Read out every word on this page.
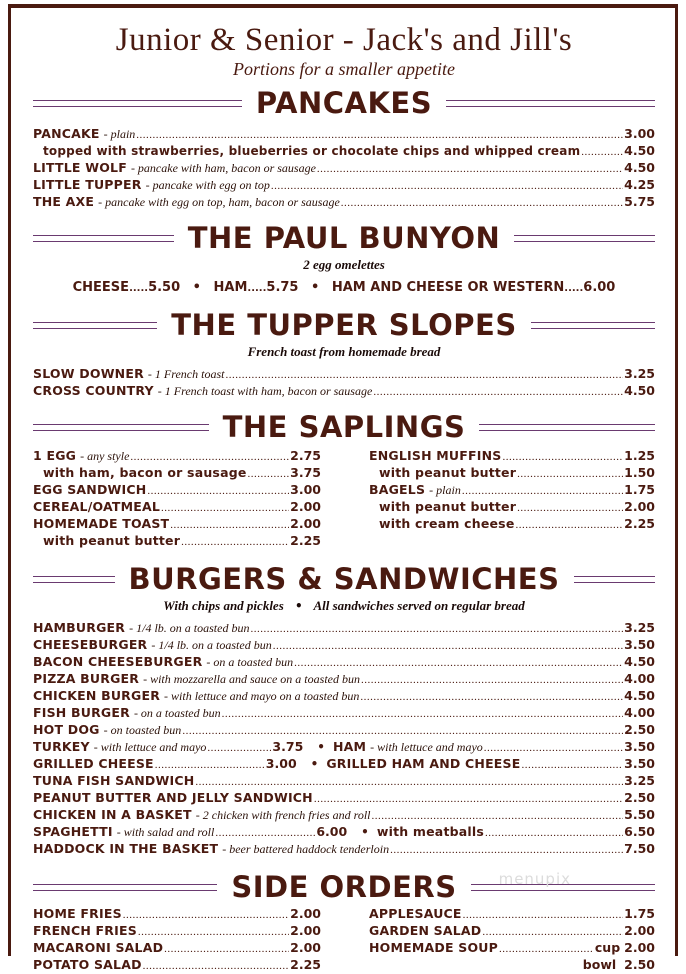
Junior & Senior - Jack's and Jill's
Portions for a smaller appetite
PANCAKES
PANCAKE - plain .....	3.00
topped with strawberries, blueberries or chocolate chips and whipped cream .....	4.50
LITTLE WOLF - pancake with ham, bacon or sausage .....	4.50
LITTLE TUPPER - pancake with egg on top .....	4.25
THE AXE - pancake with egg on top, ham, bacon or sausage .....	5.75
THE PAUL BUNYON
2 egg omelettes
CHEESE.....5.50 • HAM.....5.75 • HAM AND CHEESE OR WESTERN.....6.00
THE TUPPER SLOPES
French toast from homemade bread
SLOW DOWNER - 1 French toast .....	3.25
CROSS COUNTRY - 1 French toast with ham, bacon or sausage .....	4.50
THE SAPLINGS
1 EGG - any style .....	2.75
with ham, bacon or sausage .....	3.75
EGG SANDWICH .....	3.00
CEREAL/OATMEAL .....	2.00
HOMEMADE TOAST .....	2.00
with peanut butter .....	2.25
ENGLISH MUFFINS .....	1.25
with peanut butter .....	1.50
BAGELS - plain .....	1.75
with peanut butter .....	2.00
with cream cheese .....	2.25
BURGERS & SANDWICHES
With chips and pickles • All sandwiches served on regular bread
HAMBURGER - 1/4 lb. on a toasted bun .....	3.25
CHEESEBURGER - 1/4 lb. on a toasted bun .....	3.50
BACON CHEESEBURGER - on a toasted bun .....	4.50
PIZZA BURGER - with mozzarella and sauce on a toasted bun .....	4.00
CHICKEN BURGER - with lettuce and mayo on a toasted bun .....	4.50
FISH BURGER - on a toasted bun .....	4.00
HOT DOG - on toasted bun .....	2.50
TURKEY - with lettuce and mayo .....	3.75 • HAM - with lettuce and mayo .....	3.50
GRILLED CHEESE .....	3.00 • GRILLED HAM AND CHEESE .....	3.50
TUNA FISH SANDWICH .....	3.25
PEANUT BUTTER AND JELLY SANDWICH .....	2.50
CHICKEN IN A BASKET - 2 chicken with french fries and roll .....	5.50
SPAGHETTI - with salad and roll .....	6.00 • with meatballs .....	6.50
HADDOCK IN THE BASKET - beer battered haddock tenderloin .....	7.50
SIDE ORDERS
HOME FRIES .....	2.00
FRENCH FRIES .....	2.00
MACARONI SALAD .....	2.00
POTATO SALAD .....	2.25
APPLESAUCE .....	1.75
GARDEN SALAD .....	2.00
HOMEMADE SOUP .....	cup 2.00
bowl 2.50
menupix
